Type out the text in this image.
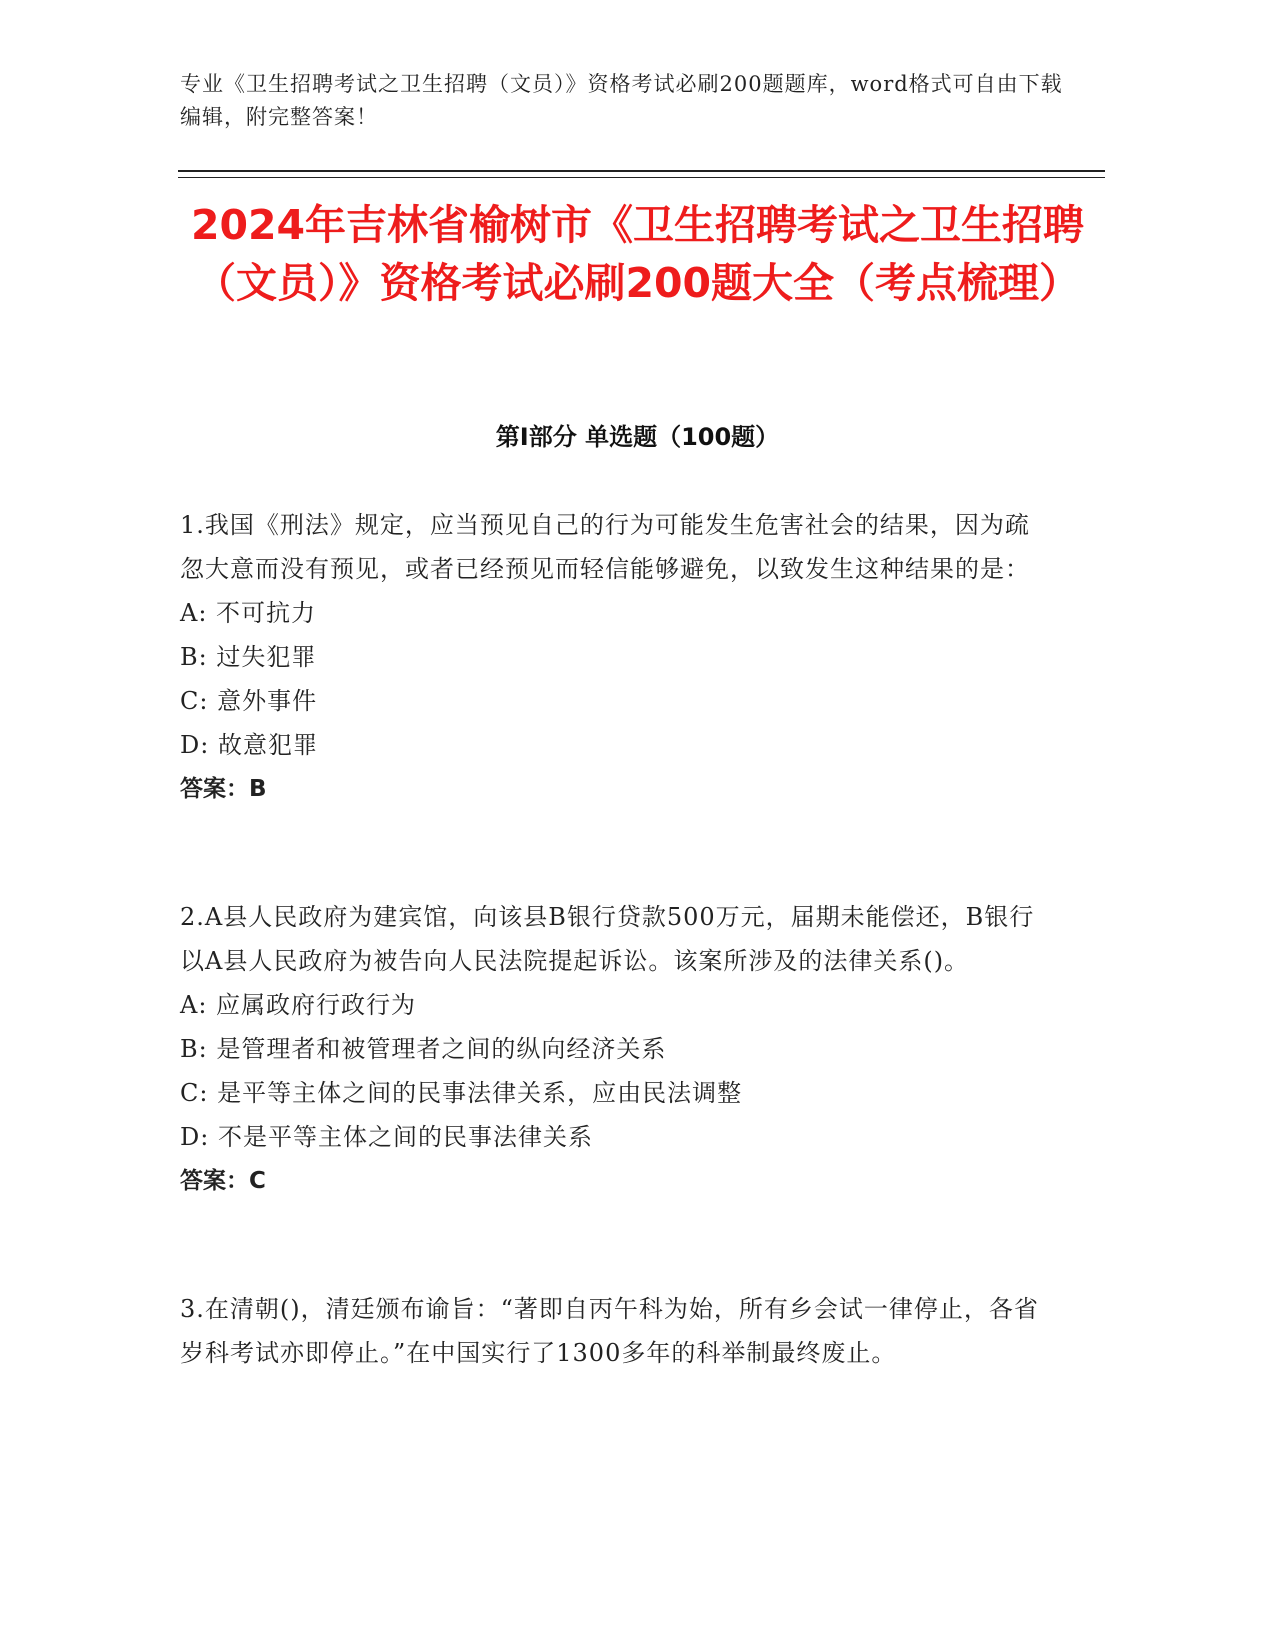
专业《卫生招聘考试之卫生招聘（文员）》资格考试必刷200题题库，word格式可自由下载编辑，附完整答案！
2024年吉林省榆树市《卫生招聘考试之卫生招聘（文员）》资格考试必刷200题大全（考点梳理）
第I部分 单选题（100题）
1.我国《刑法》规定，应当预见自己的行为可能发生危害社会的结果，因为疏忽大意而没有预见，或者已经预见而轻信能够避免，以致发生这种结果的是：
A: 不可抗力
B: 过失犯罪
C: 意外事件
D: 故意犯罪
答案：B
2.A县人民政府为建宾馆，向该县B银行贷款500万元，届期未能偿还，B银行以A县人民政府为被告向人民法院提起诉讼。该案所涉及的法律关系()。
A: 应属政府行政行为
B: 是管理者和被管理者之间的纵向经济关系
C: 是平等主体之间的民事法律关系，应由民法调整
D: 不是平等主体之间的民事法律关系
答案：C
3.在清朝()，清廷颁布谕旨：“著即自丙午科为始，所有乡会试一律停止，各省岁科考试亦即停止。”在中国实行了1300多年的科举制最终废止。
